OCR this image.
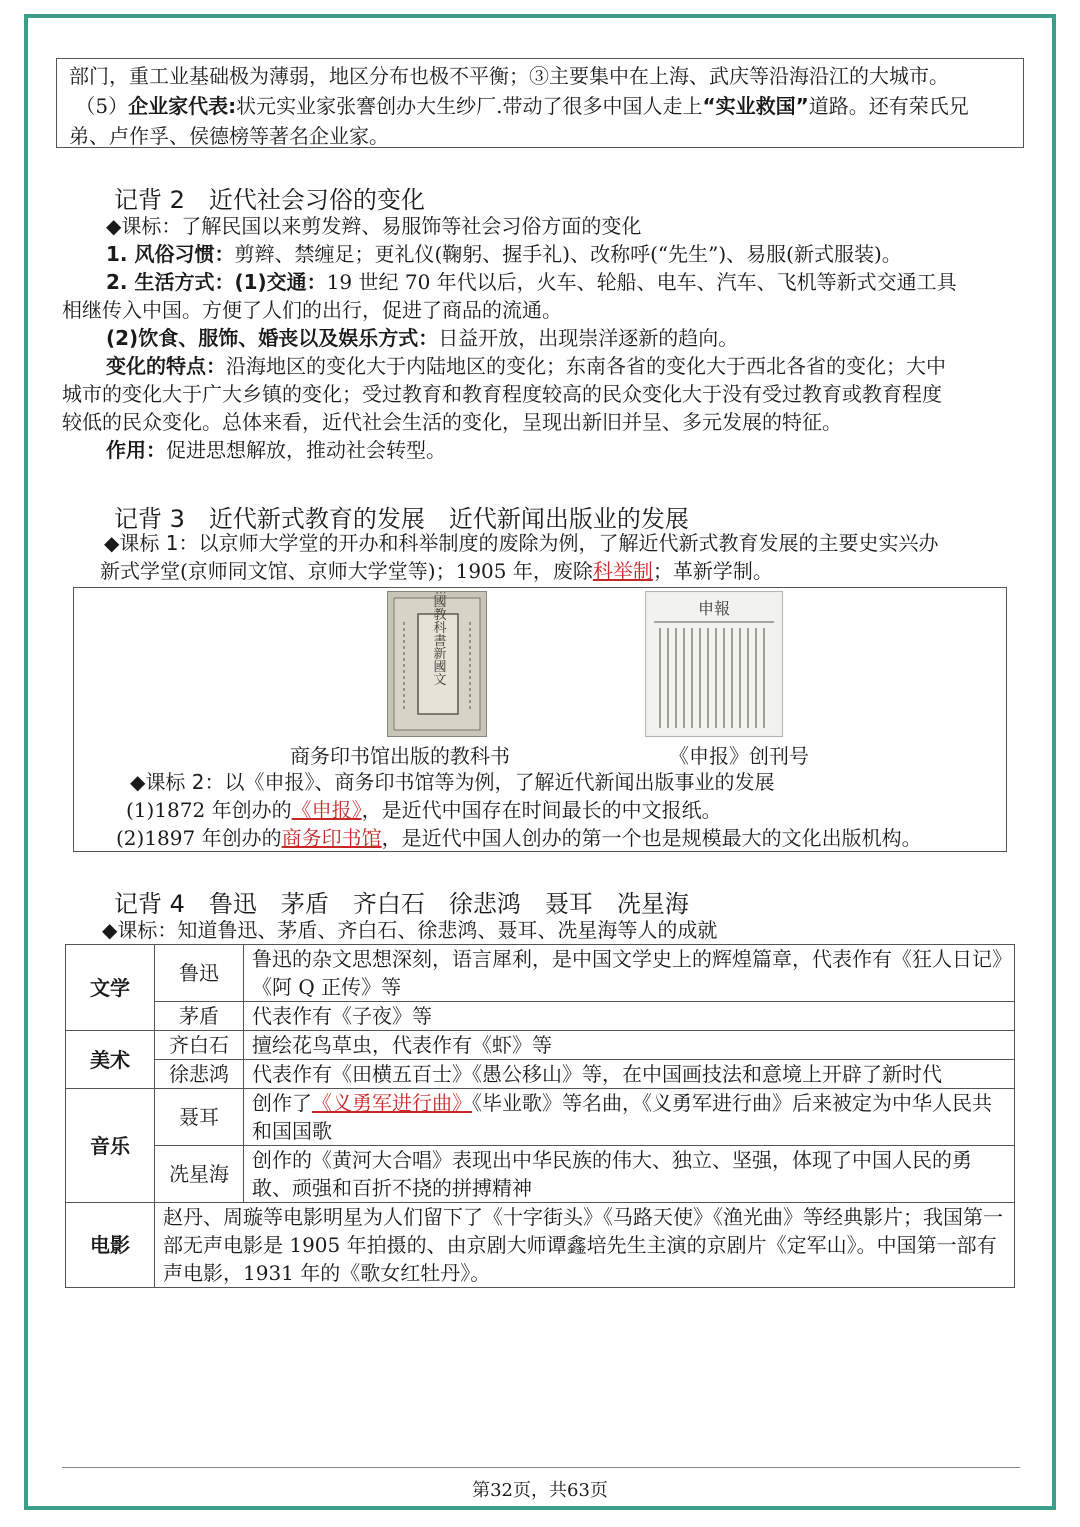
部门，重工业基础极为薄弱，地区分布也极不平衡；③主要集中在上海、武庆等沿海沿江的大城市。

（5）企业家代表:状元实业家张謇创办大生纱厂.带动了很多中国人走上“实业救国”道路。还有荣氏兄

弟、卢作孚、侯德榜等著名企业家。

记背 2　近代社会习俗的变化
◆课标：了解民国以来剪发辫、易服饰等社会习俗方面的变化
1. 风俗习惯：剪辫、禁缠足；更礼仪(鞠躬、握手礼)、改称呼(“先生”)、易服(新式服装)。
2. 生活方式：(1)交通：19 世纪 70 年代以后，火车、轮船、电车、汽车、飞机等新式交通工具
相继传入中国。方便了人们的出行，促进了商品的流通。
(2)饮食、服饰、婚丧以及娱乐方式：日益开放，出现崇洋逐新的趋向。
变化的特点：沿海地区的变化大于内陆地区的变化；东南各省的变化大于西北各省的变化；大中
城市的变化大于广大乡镇的变化；受过教育和教育程度较高的民众变化大于没有受过教育或教育程度
较低的民众变化。总体来看，近代社会生活的变化，呈现出新旧并呈、多元发展的特征。
作用：促进思想解放，推动社会转型。
记背 3　近代新式教育的发展　近代新闻出版业的发展
◆课标 1：以京师大学堂的开办和科举制度的废除为例，了解近代新式教育发展的主要史实兴办
新式学堂(京师同文馆、京师大学堂等)；1905 年，废除科举制；革新学制。
共和國教科書新國文	申報
商务印书馆出版的教科书	《申报》创刊号
◆课标 2：以《申报》、商务印书馆等为例，了解近代新闻出版事业的发展
(1)1872 年创办的《申报》，是近代中国存在时间最长的中文报纸。
(2)1897 年创办的商务印书馆，是近代中国人创办的第一个也是规模最大的文化出版机构。
记背 4　鲁迅　茅盾　齐白石　徐悲鸿　聂耳　冼星海
◆课标：知道鲁迅、茅盾、齐白石、徐悲鸿、聂耳、冼星海等人的成就
文学	鲁迅	鲁迅的杂文思想深刻，语言犀利，是中国文学史上的辉煌篇章，代表作有《狂人日记》《阿 Q 正传》等
	茅盾	代表作有《子夜》等
美术	齐白石	擅绘花鸟草虫，代表作有《虾》等
	徐悲鸿	代表作有《田横五百士》《愚公移山》等，在中国画技法和意境上开辟了新时代
音乐	聂耳	创作了《义勇军进行曲》《毕业歌》等名曲，《义勇军进行曲》后来被定为中华人民共和国国歌
	冼星海	创作的《黄河大合唱》表现出中华民族的伟大、独立、坚强，体现了中国人民的勇敢、顽强和百折不挠的拼搏精神
电影	赵丹、周璇等电影明星为人们留下了《十字街头》《马路天使》《渔光曲》等经典影片；我国第一部无声电影是 1905 年拍摄的、由京剧大师谭鑫培先生主演的京剧片《定军山》。中国第一部有声电影，1931 年的《歌女红牡丹》。	
第32页，共63页
